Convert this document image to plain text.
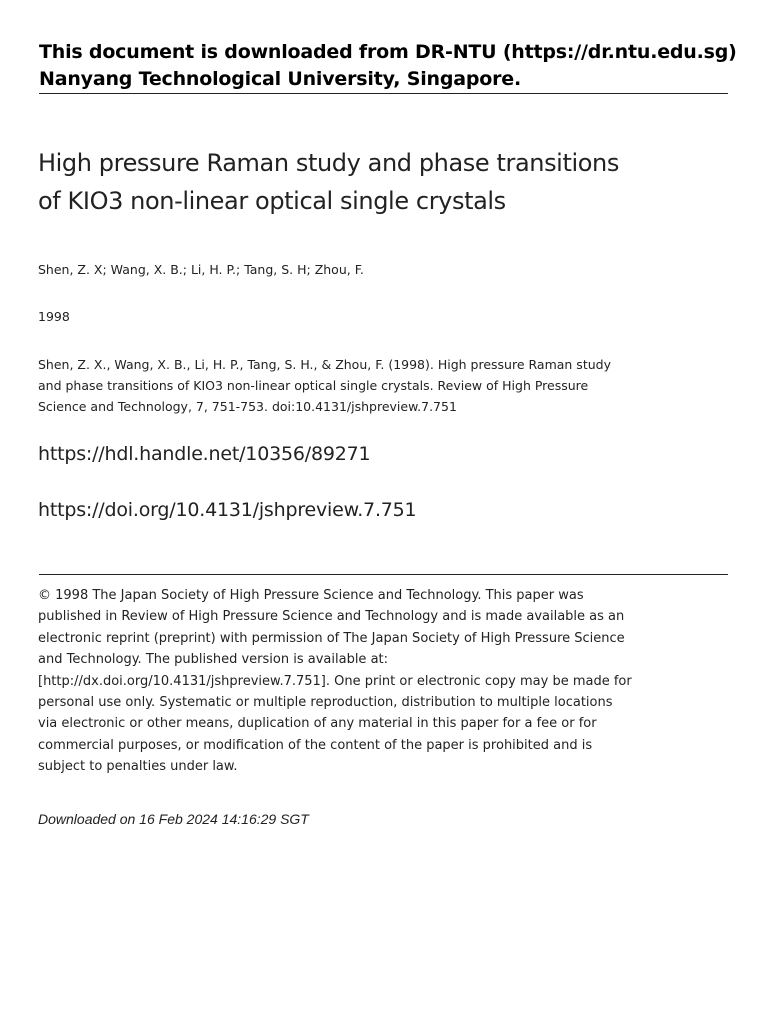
This document is downloaded from DR‑NTU (https://dr.ntu.edu.sg)
Nanyang Technological University, Singapore.
High pressure Raman study and phase transitions
of KIO3 non‑linear optical single crystals
Shen, Z. X; Wang, X. B.; Li, H. P.; Tang, S. H; Zhou, F.
1998
Shen, Z. X., Wang, X. B., Li, H. P., Tang, S. H., & Zhou, F. (1998). High pressure Raman study
and phase transitions of KIO3 non‑linear optical single crystals. Review of High Pressure
Science and Technology, 7, 751‑753. doi:10.4131/jshpreview.7.751
https://hdl.handle.net/10356/89271
https://doi.org/10.4131/jshpreview.7.751
© 1998 The Japan Society of High Pressure Science and Technology. This paper was
published in Review of High Pressure Science and Technology and is made available as an
electronic reprint (preprint) with permission of The Japan Society of High Pressure Science
and Technology. The published version is available at:
[http://dx.doi.org/10.4131/jshpreview.7.751]. One print or electronic copy may be made for
personal use only. Systematic or multiple reproduction, distribution to multiple locations
via electronic or other means, duplication of any material in this paper for a fee or for
commercial purposes, or modification of the content of the paper is prohibited and is
subject to penalties under law.
Downloaded on 16 Feb 2024 14:16:29 SGT
